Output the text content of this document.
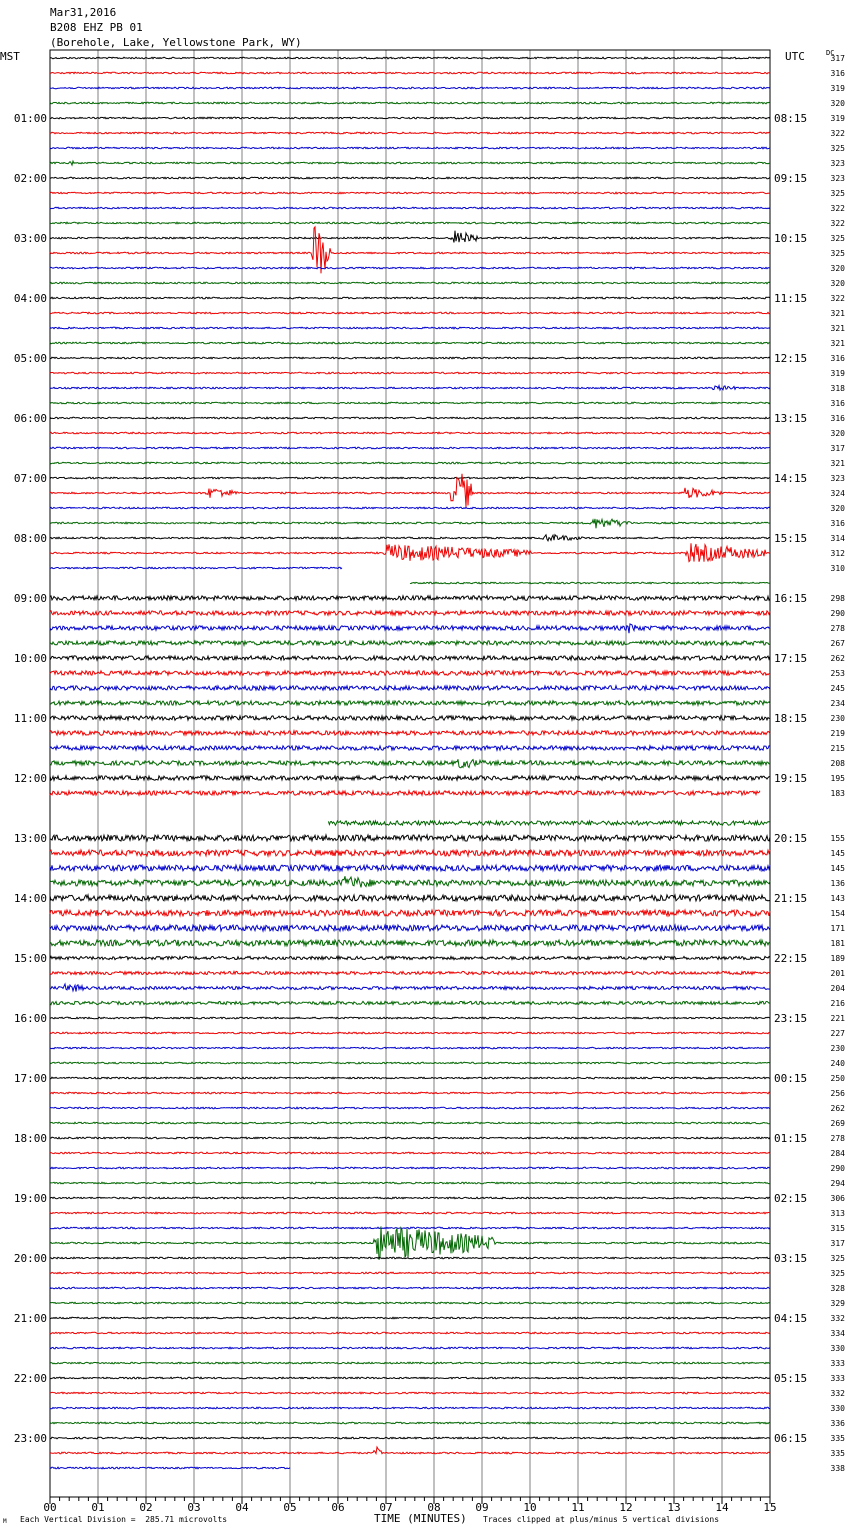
Mar31,2016
B208 EHZ PB 01
(Borehole, Lake, Yellowstone Park, WY)
MST	UTC	DC
00	01	02	03	04	05	06	07	08	09	10	11	12	13	14	15
01:00
02:00
03:00
04:00
05:00
06:00
07:00
08:00
09:00
10:00
11:00
12:00
13:00
14:00
15:00
16:00
17:00
18:00
19:00
20:00
21:00
22:00
23:00
08:15
09:15
10:15
11:15
12:15
13:15
14:15
15:15
16:15
17:15
18:15
19:15
20:15
21:15
22:15
23:15
00:15
01:15
02:15
03:15
04:15
05:15
06:15
317
316
319
320
319
322
325
323
323
325
322
322
325
325
320
320
322
321
321
321
316
319
318
316
316
320
317
321
323
324
320
316
314
312
310
298
290
278
267
262
253
245
234
230
219
215
208
195
183
155
145
145
136
143
154
171
181
189
201
204
216
221
227
230
240
250
256
262
269
278
284
290
294
306
313
315
317
325
325
328
329
332
334
330
333
333
332
330
336
335
335
338
TIME (MINUTES)
Each Vertical Division =  285.71 microvolts	Traces clipped at plus/minus 5 vertical divisions
M
